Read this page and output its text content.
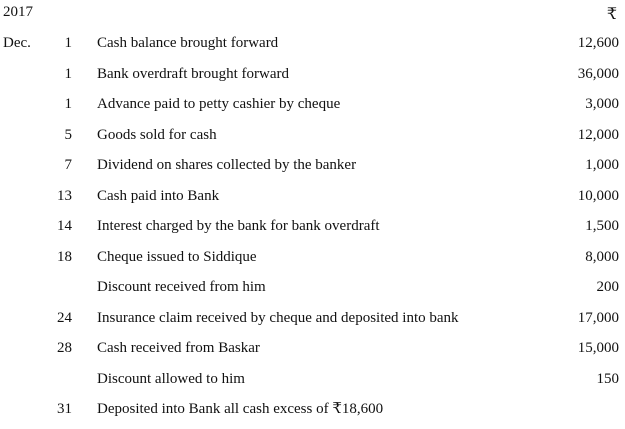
2017	₹
Dec.	1 Cash balance brought forward	12,600
1 Bank overdraft brought forward	36,000
1 Advance paid to petty cashier by cheque	3,000
5 Goods sold for cash	12,000
7 Dividend on shares collected by the banker	1,000
13 Cash paid into Bank	10,000
14 Interest charged by the bank for bank overdraft	1,500
18 Cheque issued to Siddique	8,000
Discount received from him	200
24 Insurance claim received by cheque and deposited into bank	17,000
28 Cash received from Baskar	15,000
Discount allowed to him	150
31 Deposited into Bank all cash excess of ₹18,600
